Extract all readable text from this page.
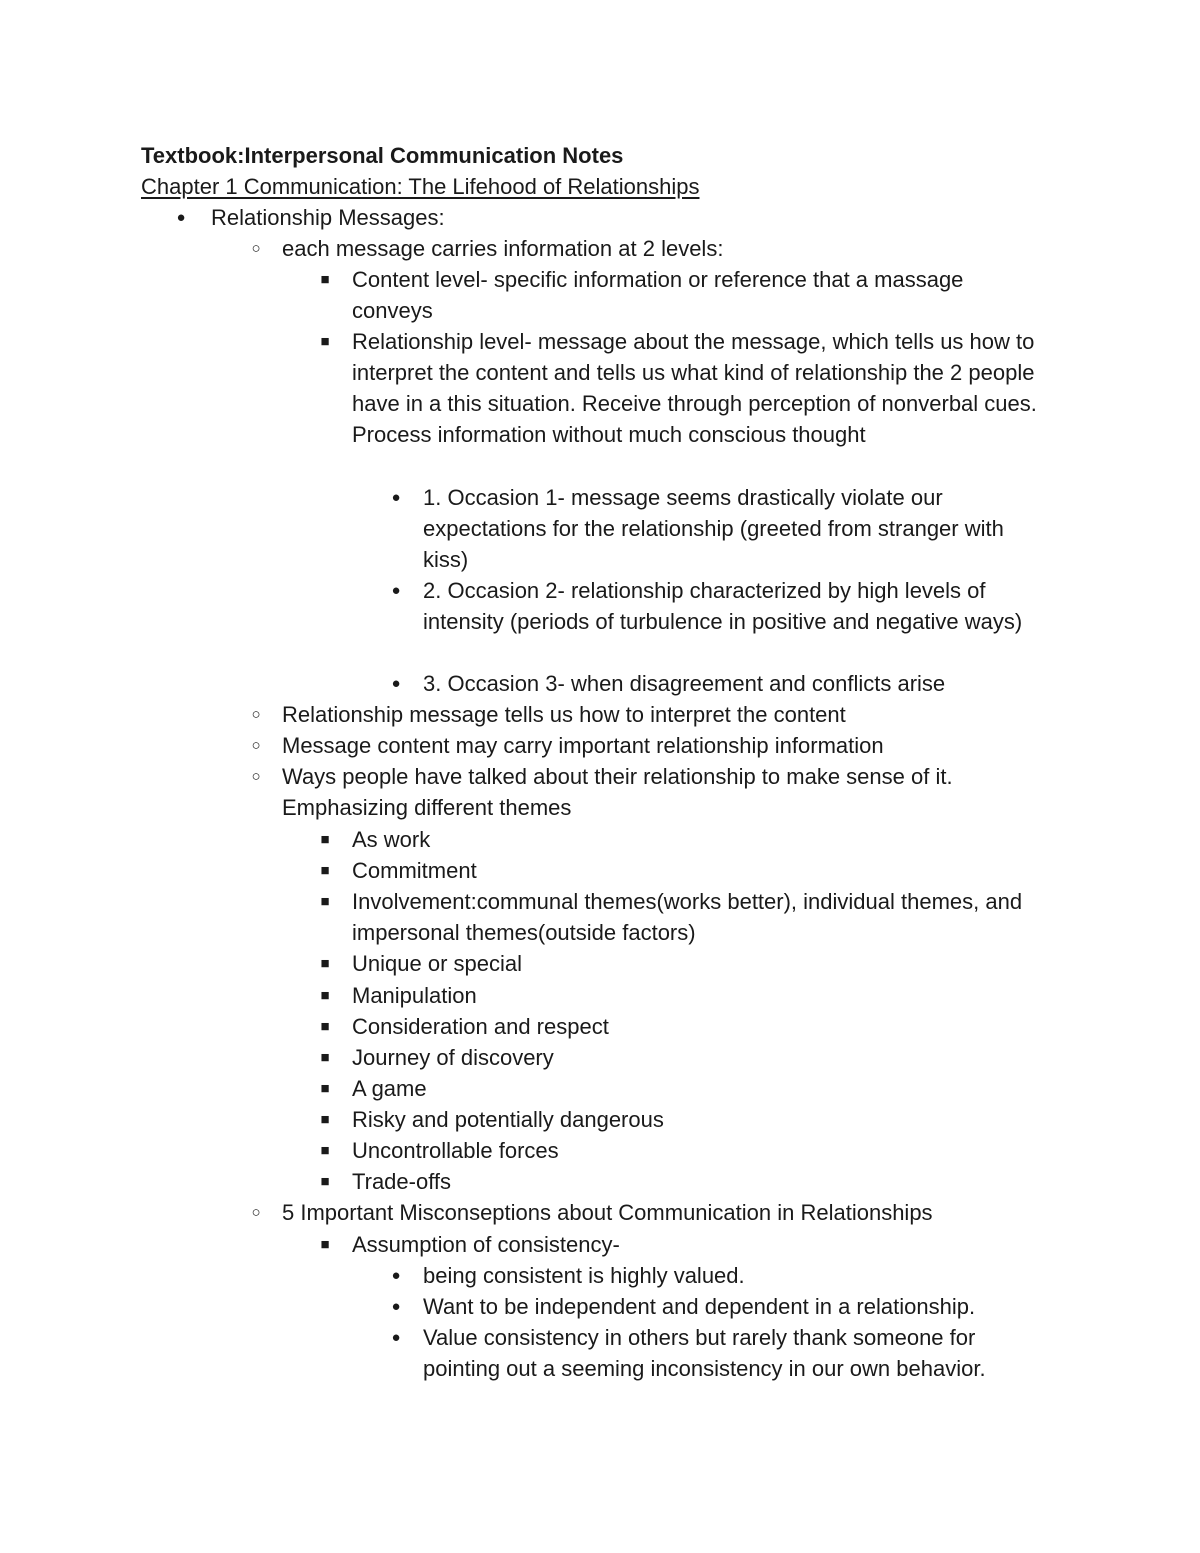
Textbook:Interpersonal Communication Notes
Chapter 1 Communication: The Lifehood of Relationships
● Relationship Messages:
○ each message carries information at 2 levels:
■ Content level- specific information or reference that a massage conveys
■ Relationship level- message about the message, which tells us how to interpret the content and tells us what kind of relationship the 2 people have in a this situation. Receive through perception of nonverbal cues. Process information without much conscious thought
● 1. Occasion 1- message seems drastically violate our expectations for the relationship (greeted from stranger with kiss)
● 2. Occasion 2- relationship characterized by high levels of intensity (periods of turbulence in positive and negative ways)
● 3. Occasion 3- when disagreement and conflicts arise
○ Relationship message tells us how to interpret the content
○ Message content may carry important relationship information
○ Ways people have talked about their relationship to make sense of it. Emphasizing different themes
■ As work
■ Commitment
■ Involvement:communal themes(works better), individual themes, and impersonal themes(outside factors)
■ Unique or special
■ Manipulation
■ Consideration and respect
■ Journey of discovery
■ A game
■ Risky and potentially dangerous
■ Uncontrollable forces
■ Trade-offs
○ 5 Important Misconseptions about Communication in Relationships
■ Assumption of consistency-
● being consistent is highly valued.
● Want to be independent and dependent in a relationship.
● Value consistency in others but rarely thank someone for pointing out a seeming inconsistency in our own behavior.
